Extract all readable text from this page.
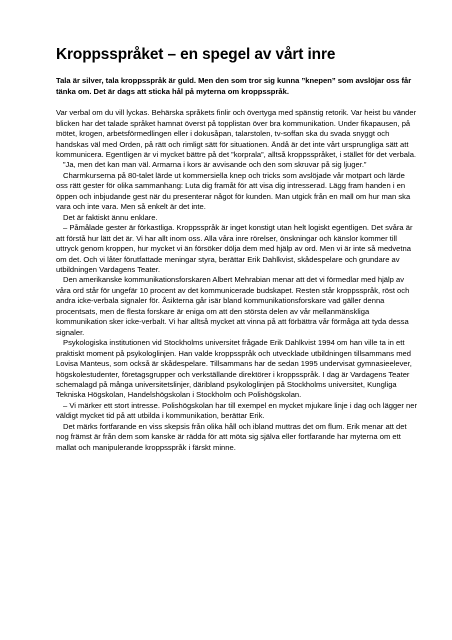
Kroppsspråket – en spegel av vårt inre

Tala är silver, tala kroppsspråk är guld. Men den som tror sig kunna ”knepen” som avslöjar oss får tänka om. Det är dags att sticka hål på myterna om kroppsspråk.

Var verbal om du vill lyckas. Behärska språkets finlir och övertyga med spänstig retorik. Var heist bu vänder blicken har det talade språket hamnat överst på topplistan över bra kommunikation. Under fikapausen, på mötet, krogen, arbetsförmedlingen eller i dokusåpan, talarstolen, tv-soffan ska du svada snyggt och handskas väl med Orden, på rätt och rimligt sätt för situationen. Ändå är det inte vårt ursprungliga sätt att kommunicera. Egentligen är vi mycket bättre på det ”korprala”, alltså kroppsspråket, i stället för det verbala.

”Ja, men det kan man väl. Armarna i kors är avvisande och den som skruvar på sig ljuger.”

Charmkurserna på 80-talet lärde ut kommersiella knep och tricks som avslöjade vår motpart och lärde oss rätt gester för olika sammanhang: Luta dig framåt för att visa dig intresserad. Lägg fram handen i en öppen och inbjudande gest när du presenterar något för kunden. Man utgick från en mall om hur man ska vara och inte vara. Men så enkelt är det inte.

Det är faktiskt ännu enklare.

– Påmålade gester är förkastliga. Kroppsspråk är inget konstigt utan helt logiskt egentligen. Det svåra är att förstå hur lätt det är. Vi har allt inom oss. Alla våra inre rörelser, önskningar och känslor kommer till uttryck genom kroppen, hur mycket vi än försöker dölja dem med hjälp av ord. Men vi är inte så medvetna om det. Och vi låter förutfattade meningar styra, berättar Erik Dahlkvist, skådespelare och grundare av utbildningen Vardagens Teater.

Den amerikanske kommunikationsforskaren Albert Mehrabian menar att det vi förmedlar med hjälp av våra ord står för ungefär 10 procent av det kommunicerade budskapet. Resten står kroppsspråk, röst och andra icke-verbala signaler för. Åsikterna går isär bland kommunikationsforskare vad gäller denna procentsats, men de flesta forskare är eniga om att den största delen av vår mellanmänskliga kommunikation sker icke-verbalt. Vi har alltså mycket att vinna på att förbättra vår förmåga att tyda dessa signaler.

Psykologiska institutionen vid Stockholms universitet frågade Erik Dahlkvist 1994 om han ville ta in ett praktiskt moment på psykologlinjen. Han valde kroppsspråk och utvecklade utbildningen tillsammans med Lovisa Manteus, som också är skådespelare. Tillsammans har de sedan 1995 undervisat gymnasieelever, högskolestudenter, företagsgrupper och verkställande direktörer i kroppsspråk. I dag är Vardagens Teater schemalagd på många universitetslinjer, däribland psykologlinjen på Stockholms universitet, Kungliga Tekniska Högskolan, Handelshögskolan i Stockholm och Polishögskolan.

– Vi märker ett stort intresse. Polishögskolan har till exempel en mycket mjukare linje i dag och lägger ner väldigt mycket tid på att utbilda i kommunikation, berättar Erik.

Det märks fortfarande en viss skepsis från olika håll och ibland muttras det om flum. Erik menar att det nog främst är från dem som kanske är rädda för att möta sig själva eller fortfarande har myterna om ett mallat och manipulerande kroppsspråk i färskt minne.
